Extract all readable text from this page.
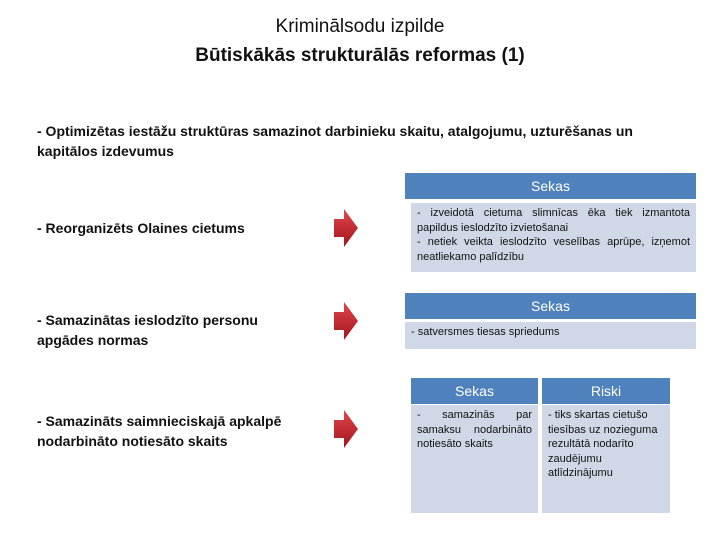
Kriminālsodu izpilde
Būtiskākās strukturālās reformas (1)
- Optimizētas iestāžu struktūras samazinot darbinieku skaitu, atalgojumu, uzturēšanas un kapitālos izdevumus
- Reorganizēts Olaines cietums
Sekas
- izveidotā cietuma slimnīcas ēka tiek izmantota papildus ieslodzīto izvietošanai
- netiek veikta ieslodzīto veselības aprūpe, izņemot neatliekamo palīdzību
- Samazinātas ieslodzīto personu apgādes normas
Sekas
- satversmes tiesas spriedums
- Samazināts saimnieciskajā apkalpē nodarbināto notiesāto skaits
Sekas	Riski
- samazinās par samaksu nodarbināto notiesāto skaits
- tiks skartas cietušo tiesības uz nozieguma rezultātā nodarīto zaudējumu atlīdzinājumu
